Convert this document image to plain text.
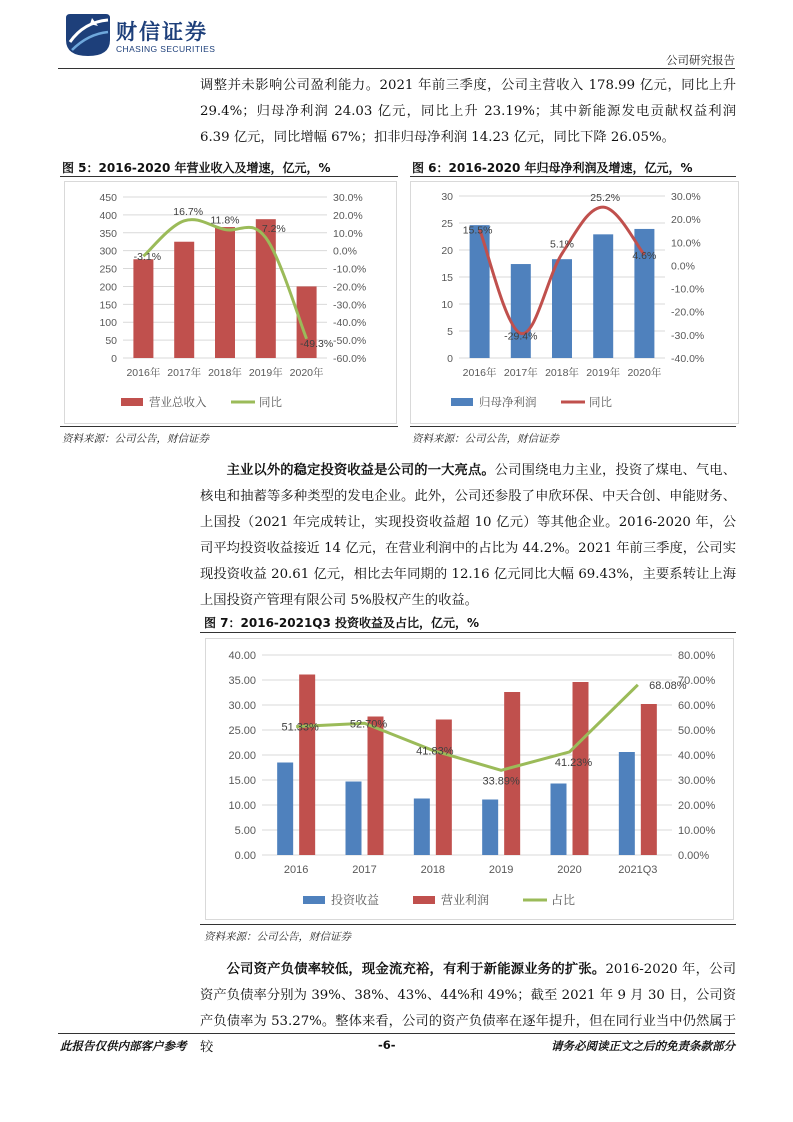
财信证券
CHASING SECURITIES
公司研究报告

调整并未影响公司盈利能力。2021 年前三季度，公司主营收入 178.99 亿元，同比上升 29.4%；归母净利润 24.03 亿元，同比上升 23.19%；其中新能源发电贡献权益利润 6.39 亿元，同比增幅 67%；扣非归母净利润 14.23 亿元，同比下降 26.05%。

图 5：2016-2020 年营业收入及增速，亿元，%
0
50
100
150
200
250
300
350
400
450
-60.0%
-50.0%
-40.0%
-30.0%
-20.0%
-10.0%
0.0%
10.0%
20.0%
30.0%
2016年 2017年 2018年 2019年 2020年
-3.1%
16.7%
11.8%
7.2%
-49.3%
营业总收入	同比
资料来源：公司公告，财信证券
图 6：2016-2020 年归母净利润及增速，亿元，%
0
5
10
15
20
25
30
-40.0%
-30.0%
-20.0%
-10.0%
0.0%
10.0%
20.0%
30.0%
2016年 2017年 2018年 2019年 2020年
15.5%
-29.4%
5.1%
25.2%
4.6%
归母净利润	同比
资料来源：公司公告，财信证券

主业以外的稳定投资收益是公司的一大亮点。公司围绕电力主业，投资了煤电、气电、核电和抽蓄等多种类型的发电企业。此外，公司还参股了申欣环保、中天合创、申能财务、上国投（2021 年完成转让，实现投资收益超 10 亿元）等其他企业。2016-2020 年，公司平均投资收益接近 14 亿元，在营业利润中的占比为 44.2%。2021 年前三季度，公司实现投资收益 20.61 亿元，相比去年同期的 12.16 亿元同比大幅 69.43%，主要系转让上海上国投资产管理有限公司 5%股权产生的收益。

图 7：2016-2021Q3 投资收益及占比，亿元，%
0.00
5.00
10.00
15.00
20.00
25.00
30.00
35.00
40.00
0.00%
10.00%
20.00%
30.00%
40.00%
50.00%
60.00%
70.00%
80.00%
2016	2017	2018	2019	2020	2021Q3
51.33%	52.70%
41.83%
33.89%
41.23%
68.08%
投资收益	营业利润	占比
资料来源：公司公告，财信证券

公司资产负债率较低，现金流充裕，有利于新能源业务的扩张。2016-2020 年，公司资产负债率分别为 39%、38%、43%、44%和 49%；截至 2021 年 9 月 30 日，公司资产负债率为 53.27%。整体来看，公司的资产负债率在逐年提升，但在同行业当中仍然属于较

此报告仅供内部客户参考	-6-	请务必阅读正文之后的免责条款部分
